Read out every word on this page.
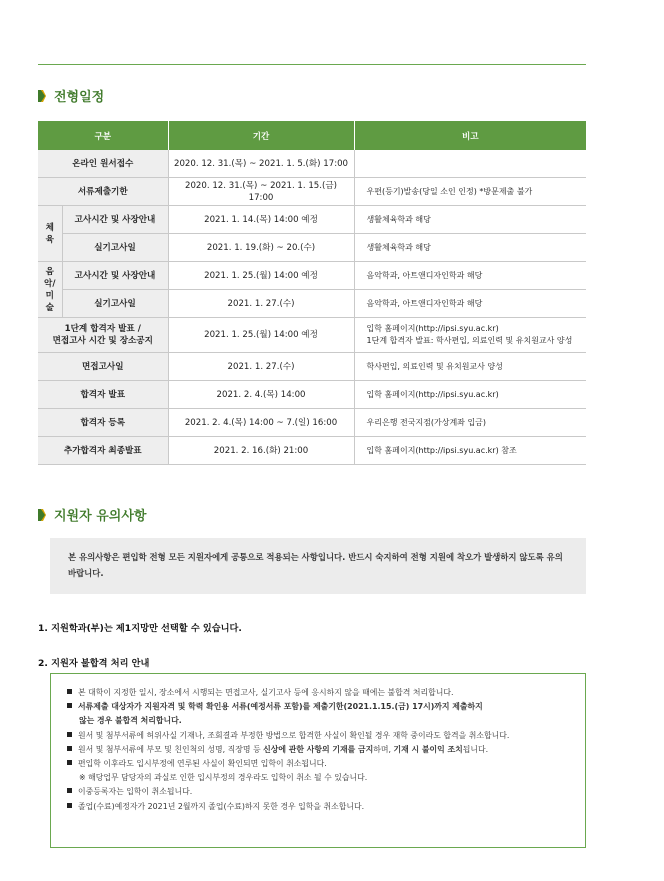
전형일정
구분		기간	비고
온라인 원서접수		2020. 12. 31.(목) ~ 2021. 1. 5.(화) 17:00	
서류제출기한		2020. 12. 31.(목) ~ 2021. 1. 15.(금) 17:00	우편(등기)발송(당일 소인 인정) *방문제출 불가
체육	고사시간 및 사장안내	2021. 1. 14.(목) 14:00 예정	생활체육학과 해당
	실기고사일	2021. 1. 19.(화) ~ 20.(수)	생활체육학과 해당
음악/
미술	고사시간 및 사장안내	2021. 1. 25.(월) 14:00 예정	음악학과, 아트앤디자인학과 해당
	실기고사일	2021. 1. 27.(수)	음악학과, 아트앤디자인학과 해당
1단계 합격자 발표 /
면접고사 시간 및 장소공지		2021. 1. 25.(월) 14:00 예정	입학 홈페이지(http://ipsi.syu.ac.kr)
1단계 합격자 발표: 학사편입, 의료인력 및 유치원교사 양성
면접고사일		2021. 1. 27.(수)	학사편입, 의료인력 및 유치원교사 양성
합격자 발표		2021. 2. 4.(목) 14:00	입학 홈페이지(http://ipsi.syu.ac.kr)
합격자 등록		2021. 2. 4.(목) 14:00 ~ 7.(일) 16:00	우리은행 전국지점(가상계좌 입금)
추가합격자 최종발표		2021. 2. 16.(화) 21:00	입학 홈페이지(http://ipsi.syu.ac.kr) 참조
지원자 유의사항
본 유의사항은 편입학 전형 모든 지원자에게 공통으로 적용되는 사항입니다. 반드시 숙지하여 전형 지원에 착오가 발생하지 않도록 유의 바랍니다.
1. 지원학과(부)는 제1지망만 선택할 수 있습니다.
2. 지원자 불합격 처리 안내
본 대학이 지정한 일시, 장소에서 시행되는 면접고사, 실기고사 등에 응시하지 않을 때에는 불합격 처리합니다.
서류제출 대상자가 지원자격 및 학력 확인용 서류(예정서류 포함)를 제출기한(2021.1.15.(금) 17시)까지 제출하지
않는 경우 불합격 처리합니다.
원서 및 첨부서류에 허위사실 기재나, 조회결과 부정한 방법으로 합격한 사실이 확인될 경우 재학 중이라도 합격을 취소합니다.
원서 및 첨부서류에 부모 및 친인척의 성명, 직장명 등 신상에 관한 사항의 기재를 금지하며, 기재 시 불이익 조치됩니다.
편입학 이후라도 입시부정에 연루된 사실이 확인되면 입학이 취소됩니다.
※ 해당업무 담당자의 과실로 인한 입시부정의 경우라도 입학이 취소 될 수 있습니다.
이중등록자는 입학이 취소됩니다.
졸업(수료)예정자가 2021년 2월까지 졸업(수료)하지 못한 경우 입학을 취소합니다.
